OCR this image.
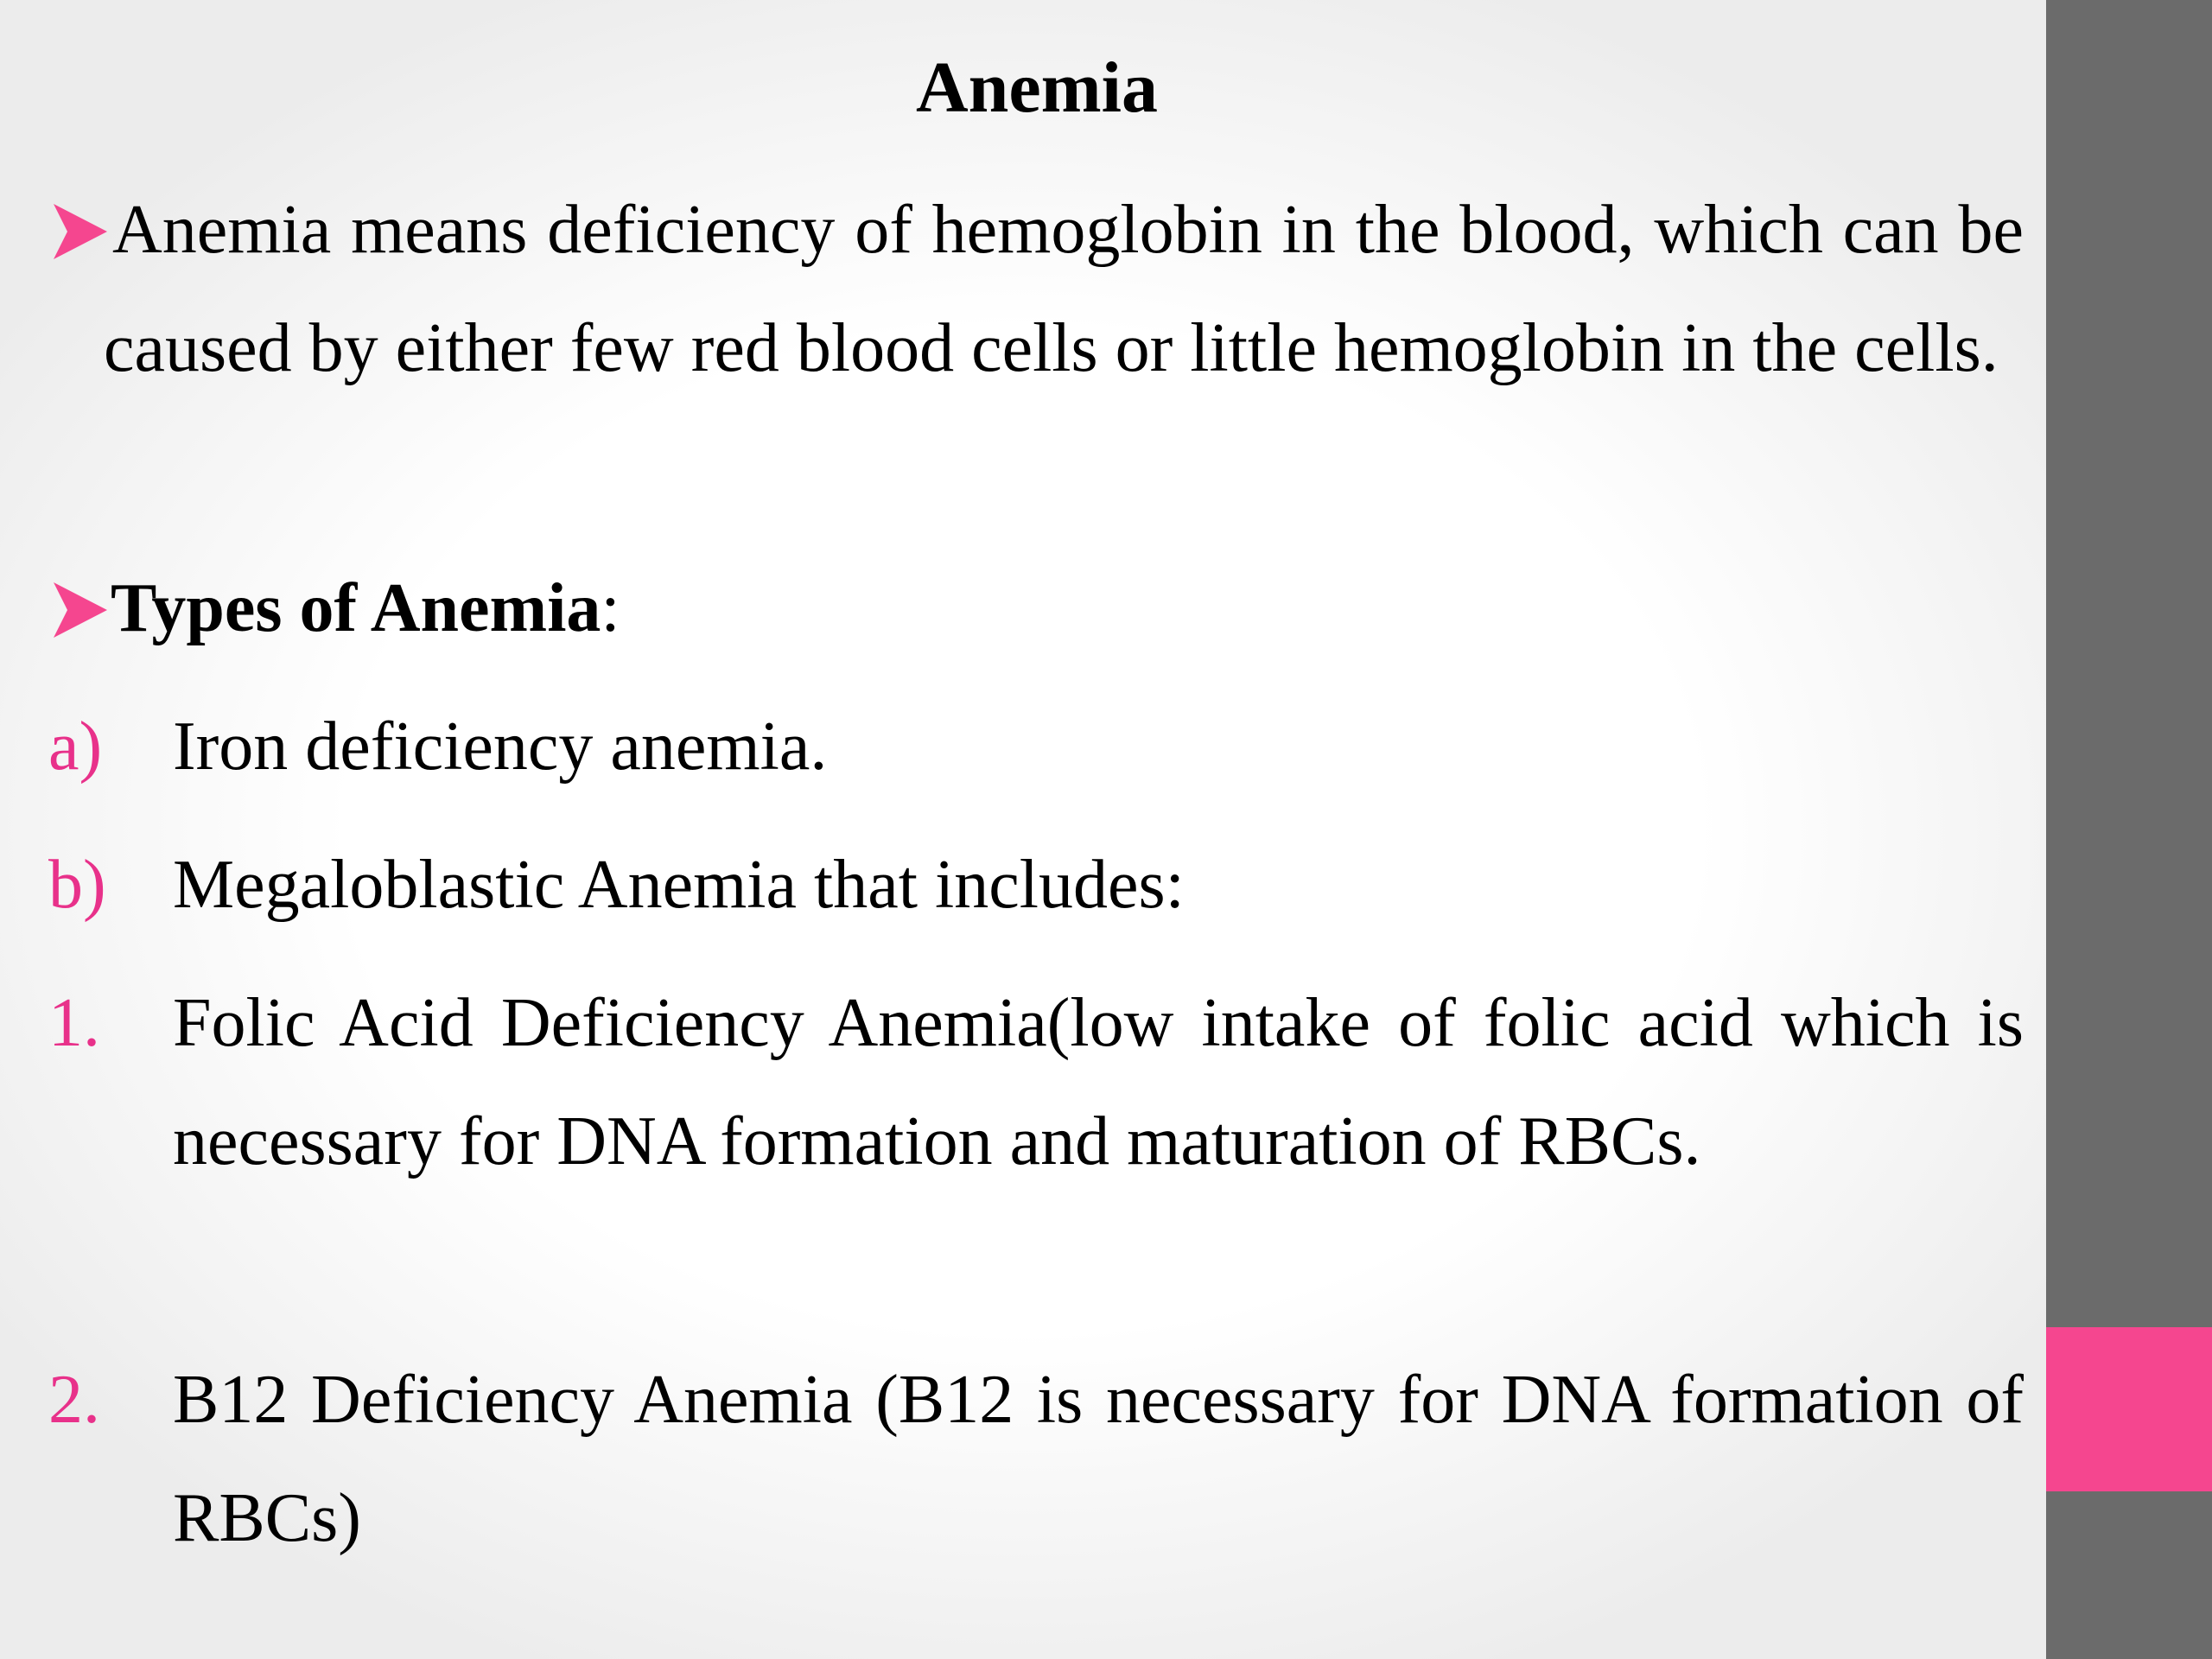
Anemia
Anemia means deficiency of hemoglobin in the blood, which can be caused by either few red blood cells or little hemoglobin in the cells.
Types of Anemia:
a) Iron deficiency anemia.
b) Megaloblastic Anemia that includes:
1. Folic Acid Deficiency Anemia(low intake of folic acid which is necessary for DNA formation and maturation of RBCs.
2. B12 Deficiency Anemia (B12 is necessary for DNA formation of RBCs)
